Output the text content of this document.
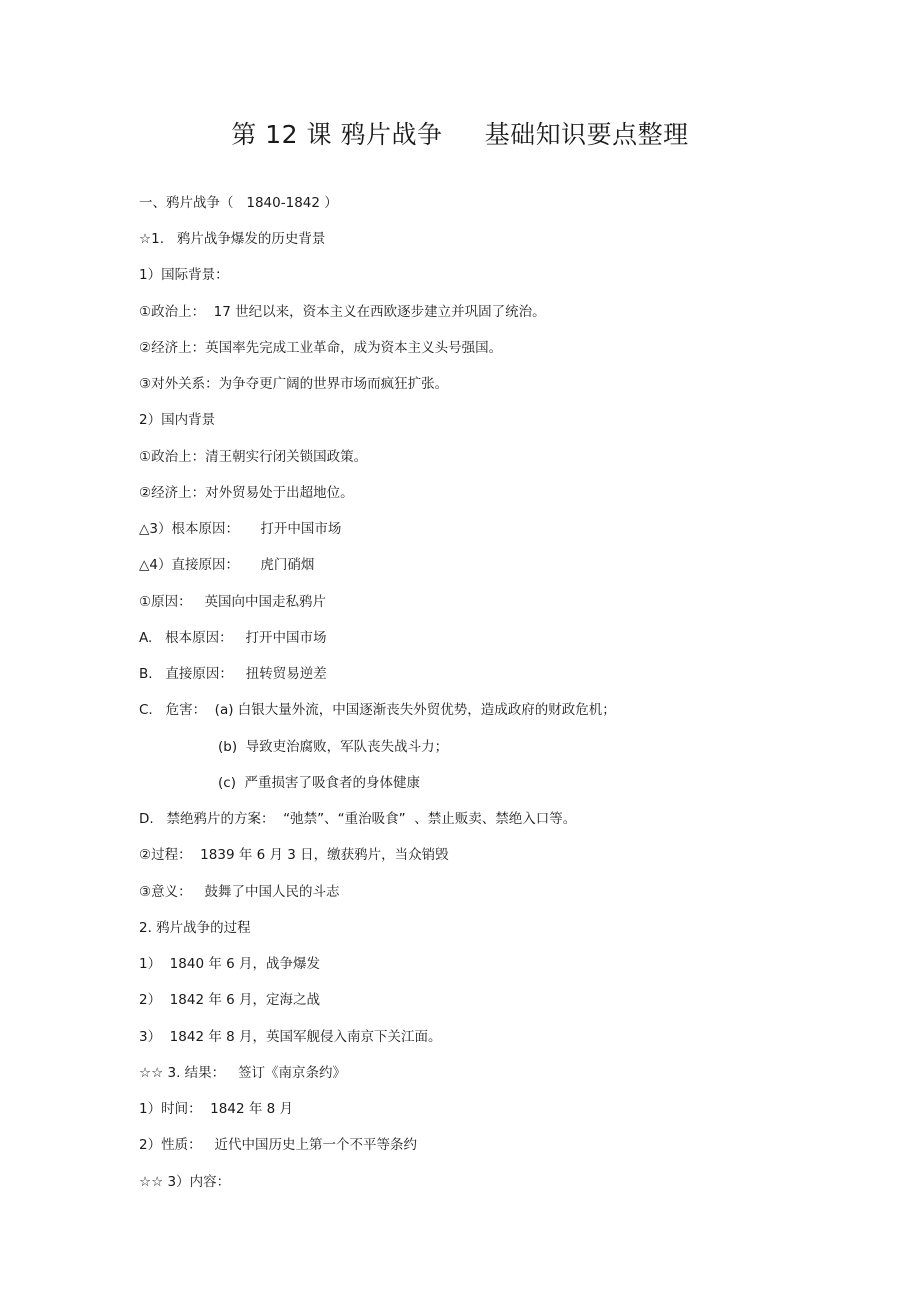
第 12 课 鸦片战争     基础知识要点整理
一、鸦片战争（   1840-1842 ）
☆1.   鸦片战争爆发的历史背景
1）国际背景：
①政治上：  17 世纪以来，资本主义在西欧逐步建立并巩固了统治。
②经济上：英国率先完成工业革命，成为资本主义头号强国。
③对外关系：为争夺更广阔的世界市场而疯狂扩张。
2）国内背景
①政治上：清王朝实行闭关锁国政策。
②经济上：对外贸易处于出超地位。
△3）根本原因：     打开中国市场
△4）直接原因：     虎门硝烟
①原因：   英国向中国走私鸦片
A.   根本原因：   打开中国市场
B.   直接原因：   扭转贸易逆差
C.   危害：  (a) 白银大量外流，中国逐渐丧失外贸优势，造成政府的财政危机；
(b)  导致吏治腐败，军队丧失战斗力；
(c)  严重损害了吸食者的身体健康
D.   禁绝鸦片的方案：  “弛禁”、“重治吸食”  、禁止贩卖、禁绝入口等。
②过程：  1839 年 6 月 3 日，缴获鸦片，当众销毁
③意义：   鼓舞了中国人民的斗志
2. 鸦片战争的过程
1）  1840 年 6 月，战争爆发
2）  1842 年 6 月，定海之战
3）  1842 年 8 月，英国军舰侵入南京下关江面。
☆☆ 3. 结果：   签订《南京条约》
1）时间：  1842 年 8 月
2）性质：   近代中国历史上第一个不平等条约
☆☆ 3）内容：
